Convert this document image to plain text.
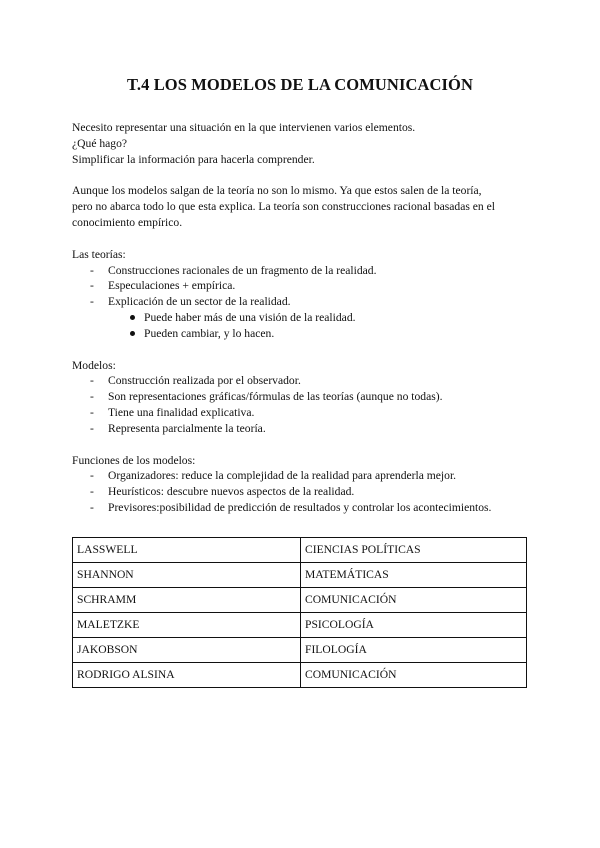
T.4 LOS MODELOS DE LA COMUNICACIÓN

Necesito representar una situación en la que intervienen varios elementos.

¿Qué hago?

Simplificar la información para hacerla comprender.

Aunque los modelos salgan de la teoría no son lo mismo. Ya que estos salen de la teoría,

pero no abarca todo lo que esta explica. La teoría son construcciones racional basadas en el

conocimiento empírico.

Las teorías:

- Construcciones racionales de un fragmento de la realidad.
- Especulaciones + empírica.
- Explicación de un sector de la realidad.
Puede haber más de una visión de la realidad.
Pueden cambiar, y lo hacen.

Modelos:

- Construcción realizada por el observador.
- Son representaciones gráficas/fórmulas de las teorías (aunque no todas).
- Tiene una finalidad explicativa.
- Representa parcialmente la teoría.

Funciones de los modelos:

- Organizadores: reduce la complejidad de la realidad para aprenderla mejor.
- Heurísticos: descubre nuevos aspectos de la realidad.
- Previsores:posibilidad de predicción de resultados y controlar los acontecimientos.
LASSWELL	CIENCIAS POLÍTICAS
SHANNON	MATEMÁTICAS
SCHRAMM	COMUNICACIÓN
MALETZKE	PSICOLOGÍA
JAKOBSON	FILOLOGÍA
RODRIGO ALSINA	COMUNICACIÓN
